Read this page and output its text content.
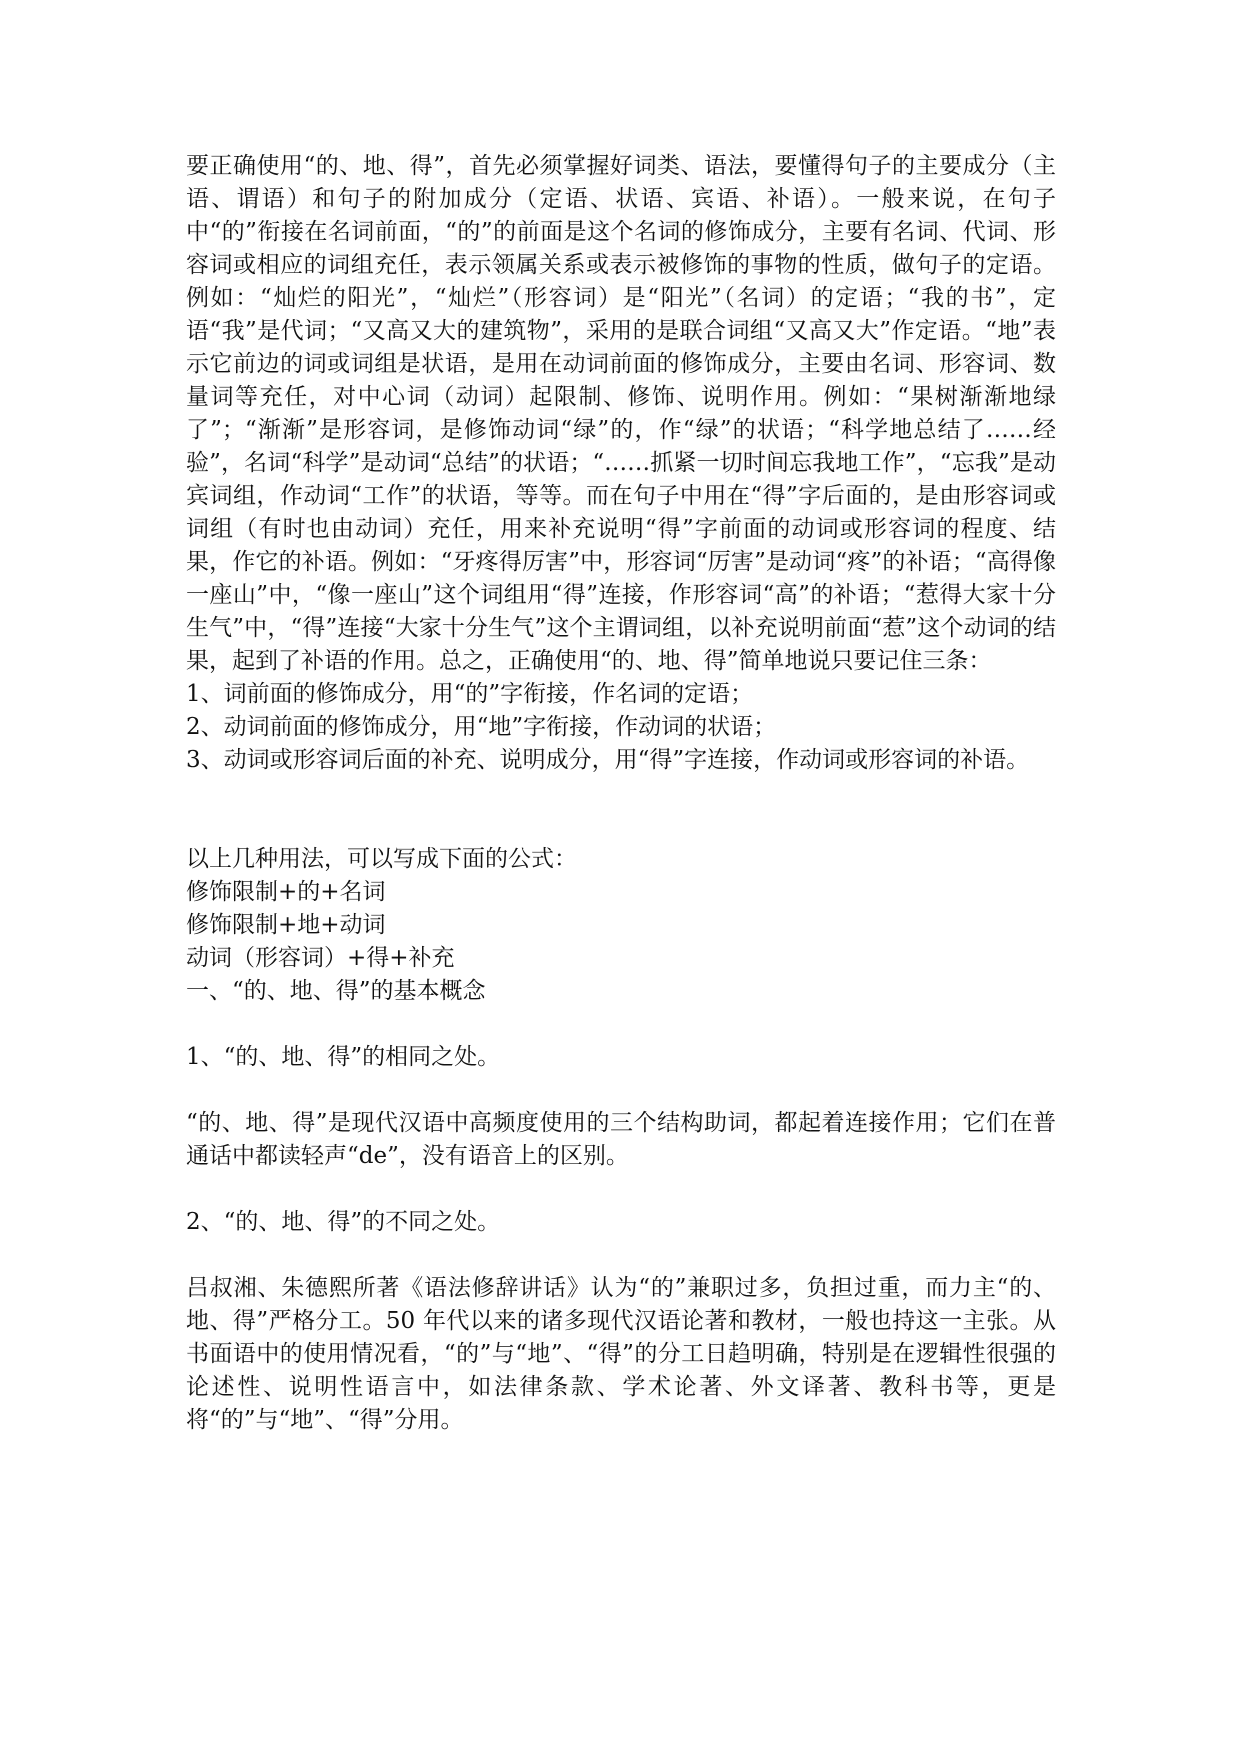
要正确使用“的、地、得”，首先必须掌握好词类、语法，要懂得句子的主要成分（主语、谓语）和句子的附加成分（定语、状语、宾语、补语）。一般来说，在句子中“的”衔接在名词前面，“的”的前面是这个名词的修饰成分，主要有名词、代词、形容词或相应的词组充任，表示领属关系或表示被修饰的事物的性质，做句子的定语。例如：“灿烂的阳光”，“灿烂”（形容词）是“阳光”（名词）的定语；“我的书”，定语“我”是代词；“又高又大的建筑物”，采用的是联合词组“又高又大”作定语。“地”表示它前边的词或词组是状语，是用在动词前面的修饰成分，主要由名词、形容词、数量词等充任，对中心词（动词）起限制、修饰、说明作用。例如：“果树渐渐地绿了”；“渐渐”是形容词，是修饰动词“绿”的，作“绿”的状语；“科学地总结了……经验”，名词“科学”是动词“总结”的状语；“……抓紧一切时间忘我地工作”，“忘我”是动宾词组，作动词“工作”的状语，等等。而在句子中用在“得”字后面的，是由形容词或词组（有时也由动词）充任，用来补充说明“得”字前面的动词或形容词的程度、结果，作它的补语。例如：“牙疼得厉害”中，形容词“厉害”是动词“疼”的补语；“高得像一座山”中，“像一座山”这个词组用“得”连接，作形容词“高”的补语；“惹得大家十分生气”中，“得”连接“大家十分生气”这个主谓词组，以补充说明前面“惹”这个动词的结果，起到了补语的作用。总之，正确使用“的、地、得”简单地说只要记住三条：

1、词前面的修饰成分，用“的”字衔接，作名词的定语；

2、动词前面的修饰成分，用“地”字衔接，作动词的状语；

3、动词或形容词后面的补充、说明成分，用“得”字连接，作动词或形容词的补语。

以上几种用法，可以写成下面的公式：

修饰限制+的+名词
修饰限制+地+动词
动词（形容词）+得+补充

一、“的、地、得”的基本概念

1、“的、地、得”的相同之处。

“的、地、得”是现代汉语中高频度使用的三个结构助词，都起着连接作用；它们在普通话中都读轻声“de”，没有语音上的区别。

2、“的、地、得”的不同之处。

吕叔湘、朱德熙所著《语法修辞讲话》认为“的”兼职过多，负担过重，而力主“的、地、得”严格分工。50 年代以来的诸多现代汉语论著和教材，一般也持这一主张。从书面语中的使用情况看，“的”与“地”、“得”的分工日趋明确，特别是在逻辑性很强的论述性、说明性语言中，如法律条款、学术论著、外文译著、教科书等，更是将“的”与“地”、“得”分用。
